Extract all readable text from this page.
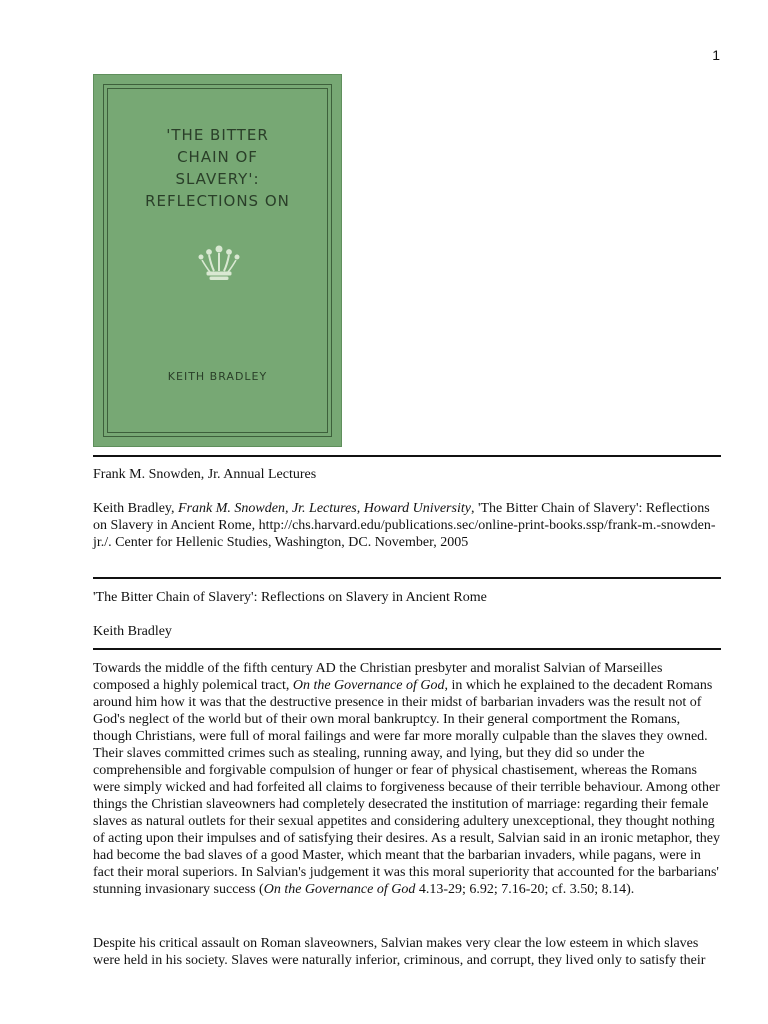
1
'THE BITTER
CHAIN OF
SLAVERY':
REFLECTIONS ON
KEITH BRADLEY
Frank M. Snowden, Jr. Annual Lectures
Keith Bradley, Frank M. Snowden, Jr. Lectures, Howard University, 'The Bitter Chain of Slavery': Reflections on Slavery in Ancient Rome, http://chs.harvard.edu/publications.sec/online-print-books.ssp/frank-m.-snowden-jr./. Center for Hellenic Studies, Washington, DC. November, 2005
'The Bitter Chain of Slavery': Reflections on Slavery in Ancient Rome
Keith Bradley

Towards the middle of the fifth century AD the Christian presbyter and moralist Salvian of Marseilles composed a highly polemical tract, On the Governance of God, in which he explained to the decadent Romans around him how it was that the destructive presence in their midst of barbarian invaders was the result not of God's neglect of the world but of their own moral bankruptcy. In their general comportment the Romans, though Christians, were full of moral failings and were far more morally culpable than the slaves they owned. Their slaves committed crimes such as stealing, running away, and lying, but they did so under the comprehensible and forgivable compulsion of hunger or fear of physical chastisement, whereas the Romans were simply wicked and had forfeited all claims to forgiveness because of their terrible behaviour. Among other things the Christian slaveowners had completely desecrated the institution of marriage: regarding their female slaves as natural outlets for their sexual appetites and considering adultery unexceptional, they thought nothing of acting upon their impulses and of satisfying their desires. As a result, Salvian said in an ironic metaphor, they had become the bad slaves of a good Master, which meant that the barbarian invaders, while pagans, were in fact their moral superiors. In Salvian's judgement it was this moral superiority that accounted for the barbarians' stunning invasionary success (On the Governance of God 4.13-29; 6.92; 7.16-20; cf. 3.50; 8.14).

Despite his critical assault on Roman slaveowners, Salvian makes very clear the low esteem in which slaves were held in his society. Slaves were naturally inferior, criminous, and corrupt, they lived only to satisfy their
